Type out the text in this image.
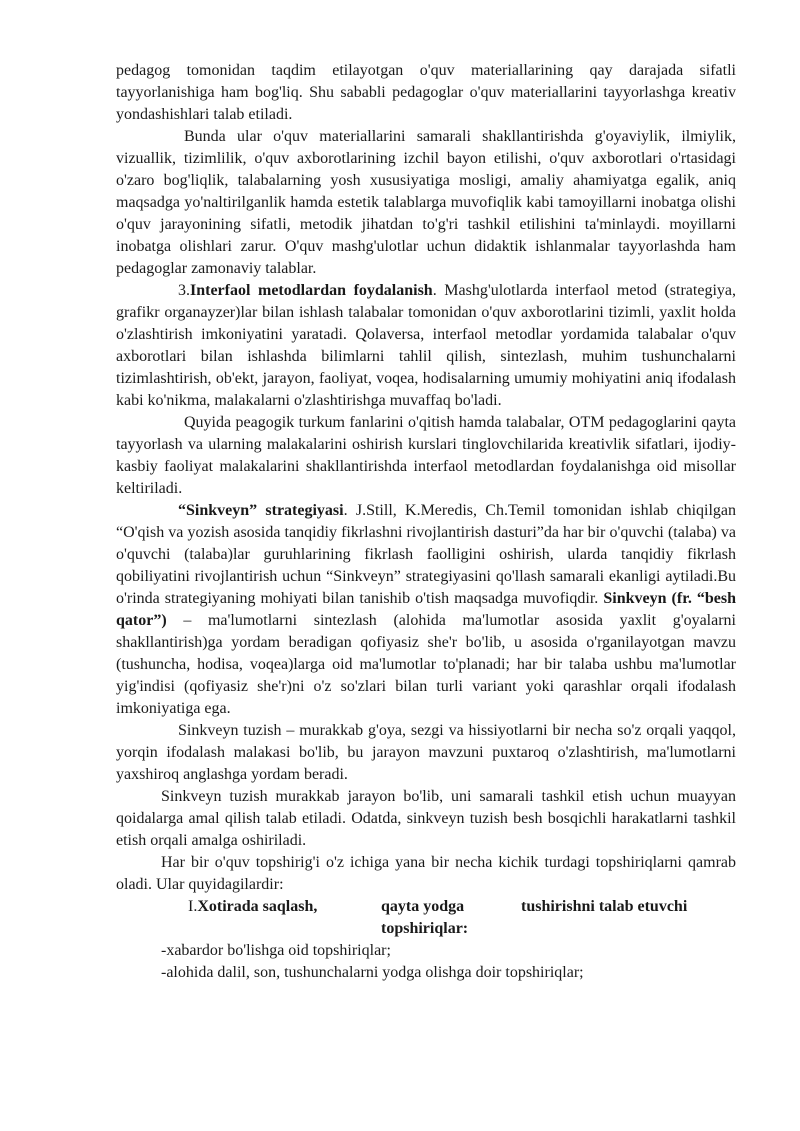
pedagog tomonidan taqdim etilayotgan o'quv materiallarining qay darajada sifatli tayyorlanishiga ham bog'liq. Shu sababli pedagoglar o'quv materiallarini tayyorlashga kreativ yondashishlari talab etiladi.

Bunda ular o'quv materiallarini samarali shakllantirishda g'oyaviylik, ilmiylik, vizuallik, tizimlilik, o'quv axborotlarining izchil bayon etilishi, o'quv axborotlari o'rtasidagi o'zaro bog'liqlik, talabalarning yosh xususiyatiga mosligi, amaliy ahamiyatga egalik, aniq maqsadga yo'naltirilganlik hamda estetik talablarga muvofiqlik kabi tamoyillarni inobatga olishi o'quv jarayonining sifatli, metodik jihatdan to'g'ri tashkil etilishini ta'minlaydi. moyillarni inobatga olishlari zarur. O'quv mashg'ulotlar uchun didaktik ishlanmalar tayyorlashda ham pedagoglar zamonaviy talablar.

3.Interfaol metodlardan foydalanish. Mashg'ulotlarda interfaol metod (strategiya, grafikr organayzer)lar bilan ishlash talabalar tomonidan o'quv axborotlarini tizimli, yaxlit holda o'zlashtirish imkoniyatini yaratadi. Qolaversa, interfaol metodlar yordamida talabalar o'quv axborotlari bilan ishlashda bilimlarni tahlil qilish, sintezlash, muhim tushunchalarni tizimlashtirish, ob'ekt, jarayon, faoliyat, voqea, hodisalarning umumiy mohiyatini aniq ifodalash kabi ko'nikma, malakalarni o'zlashtirishga muvaffaq bo'ladi.

Quyida peagogik turkum fanlarini o'qitish hamda talabalar, OTM pedagoglarini qayta tayyorlash va ularning malakalarini oshirish kurslari tinglovchilarida kreativlik sifatlari, ijodiy-kasbiy faoliyat malakalarini shakllantirishda interfaol metodlardan foydalanishga oid misollar keltiriladi.

“Sinkveyn” strategiyasi. J.Still, K.Meredis, Ch.Temil tomonidan ishlab chiqilgan “O'qish va yozish asosida tanqidiy fikrlashni rivojlantirish dasturi”da har bir o'quvchi (talaba) va o'quvchi (talaba)lar guruhlarining fikrlash faolligini oshirish, ularda tanqidiy fikrlash qobiliyatini rivojlantirish uchun “Sinkveyn” strategiyasini qo'llash samarali ekanligi aytiladi.Bu o'rinda strategiyaning mohiyati bilan tanishib o'tish maqsadga muvofiqdir. Sinkveyn (fr. “besh qator”) – ma'lumotlarni sintezlash (alohida ma'lumotlar asosida yaxlit g'oyalarni shakllantirish)ga yordam beradigan qofiyasiz she'r bo'lib, u asosida o'rganilayotgan mavzu (tushuncha, hodisa, voqea)larga oid ma'lumotlar to'planadi; har bir talaba ushbu ma'lumotlar yig'indisi (qofiyasiz she'r)ni o'z so'zlari bilan turli variant yoki qarashlar orqali ifodalash imkoniyatiga ega.

Sinkveyn tuzish – murakkab g'oya, sezgi va hissiyotlarni bir necha so'z orqali yaqqol, yorqin ifodalash malakasi bo'lib, bu jarayon mavzuni puxtaroq o'zlashtirish, ma'lumotlarni yaxshiroq anglashga yordam beradi.

Sinkveyn tuzish murakkab jarayon bo'lib, uni samarali tashkil etish uchun muayyan qoidalarga amal qilish talab etiladi. Odatda, sinkveyn tuzish besh bosqichli harakatlarni tashkil etish orqali amalga oshiriladi.

Har bir o'quv topshirig'i o'z ichiga yana bir necha kichik turdagi topshiriqlarni qamrab oladi. Ular quyidagilardir:

I.Xotirada saqlash,	qayta yodga
topshiriqlar:
tushirishni talab etuvchi

-xabardor bo'lishga oid topshiriqlar;

-alohida dalil, son, tushunchalarni yodga olishga doir topshiriqlar;
